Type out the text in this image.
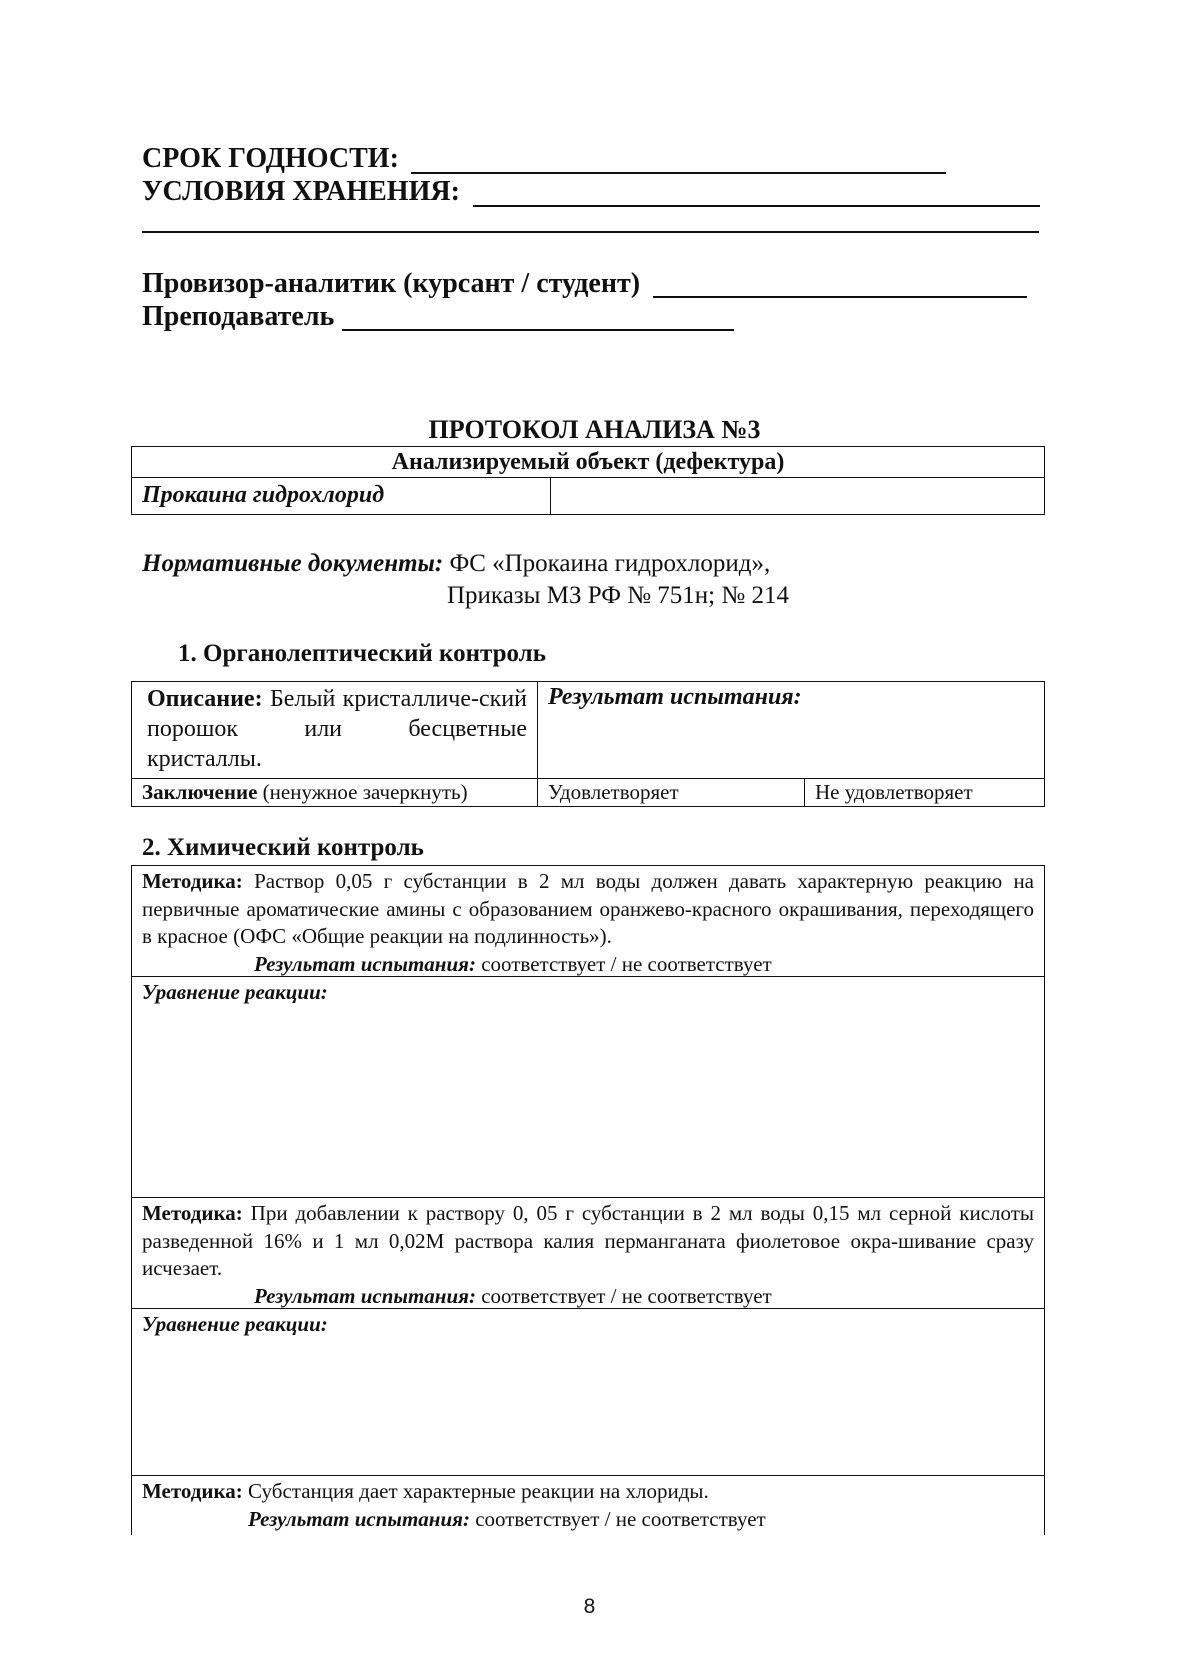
СРОК ГОДНОСТИ:
УСЛОВИЯ ХРАНЕНИЯ:
Провизор-аналитик (курсант / студент)
Преподаватель
ПРОТОКОЛ АНАЛИЗА №3
Анализируемый объект (дефектура)
Прокаина гидрохлорид	
Нормативные документы: ФС «Прокаина гидрохлорид»,
Приказы МЗ РФ № 751н; № 214
1. Органолептический контроль
Описание: Белый кристалличе-ский порошок или бесцветные кристаллы.	Результат испытания:	
Заключение (ненужное зачеркнуть)	Удовлетворяет	Не удовлетворяет
2. Химический контроль
Методика: Раствор 0,05 г субстанции в 2 мл воды должен давать характерную реакцию на первичные ароматические амины с образованием оранжево-красного окрашивания, переходящего в красное (ОФС «Общие реакции на подлинность»).
Результат испытания: соответствует / не соответствует
Уравнение реакции:
Методика: При добавлении к раствору 0, 05 г субстанции в 2 мл воды 0,15 мл серной кислоты разведенной 16% и 1 мл 0,02М раствора калия перманганата фиолетовое окра-шивание сразу исчезает.
Результат испытания: соответствует / не соответствует
Уравнение реакции:
Методика: Субстанция дает характерные реакции на хлориды.
Результат испытания: соответствует / не соответствует
8
